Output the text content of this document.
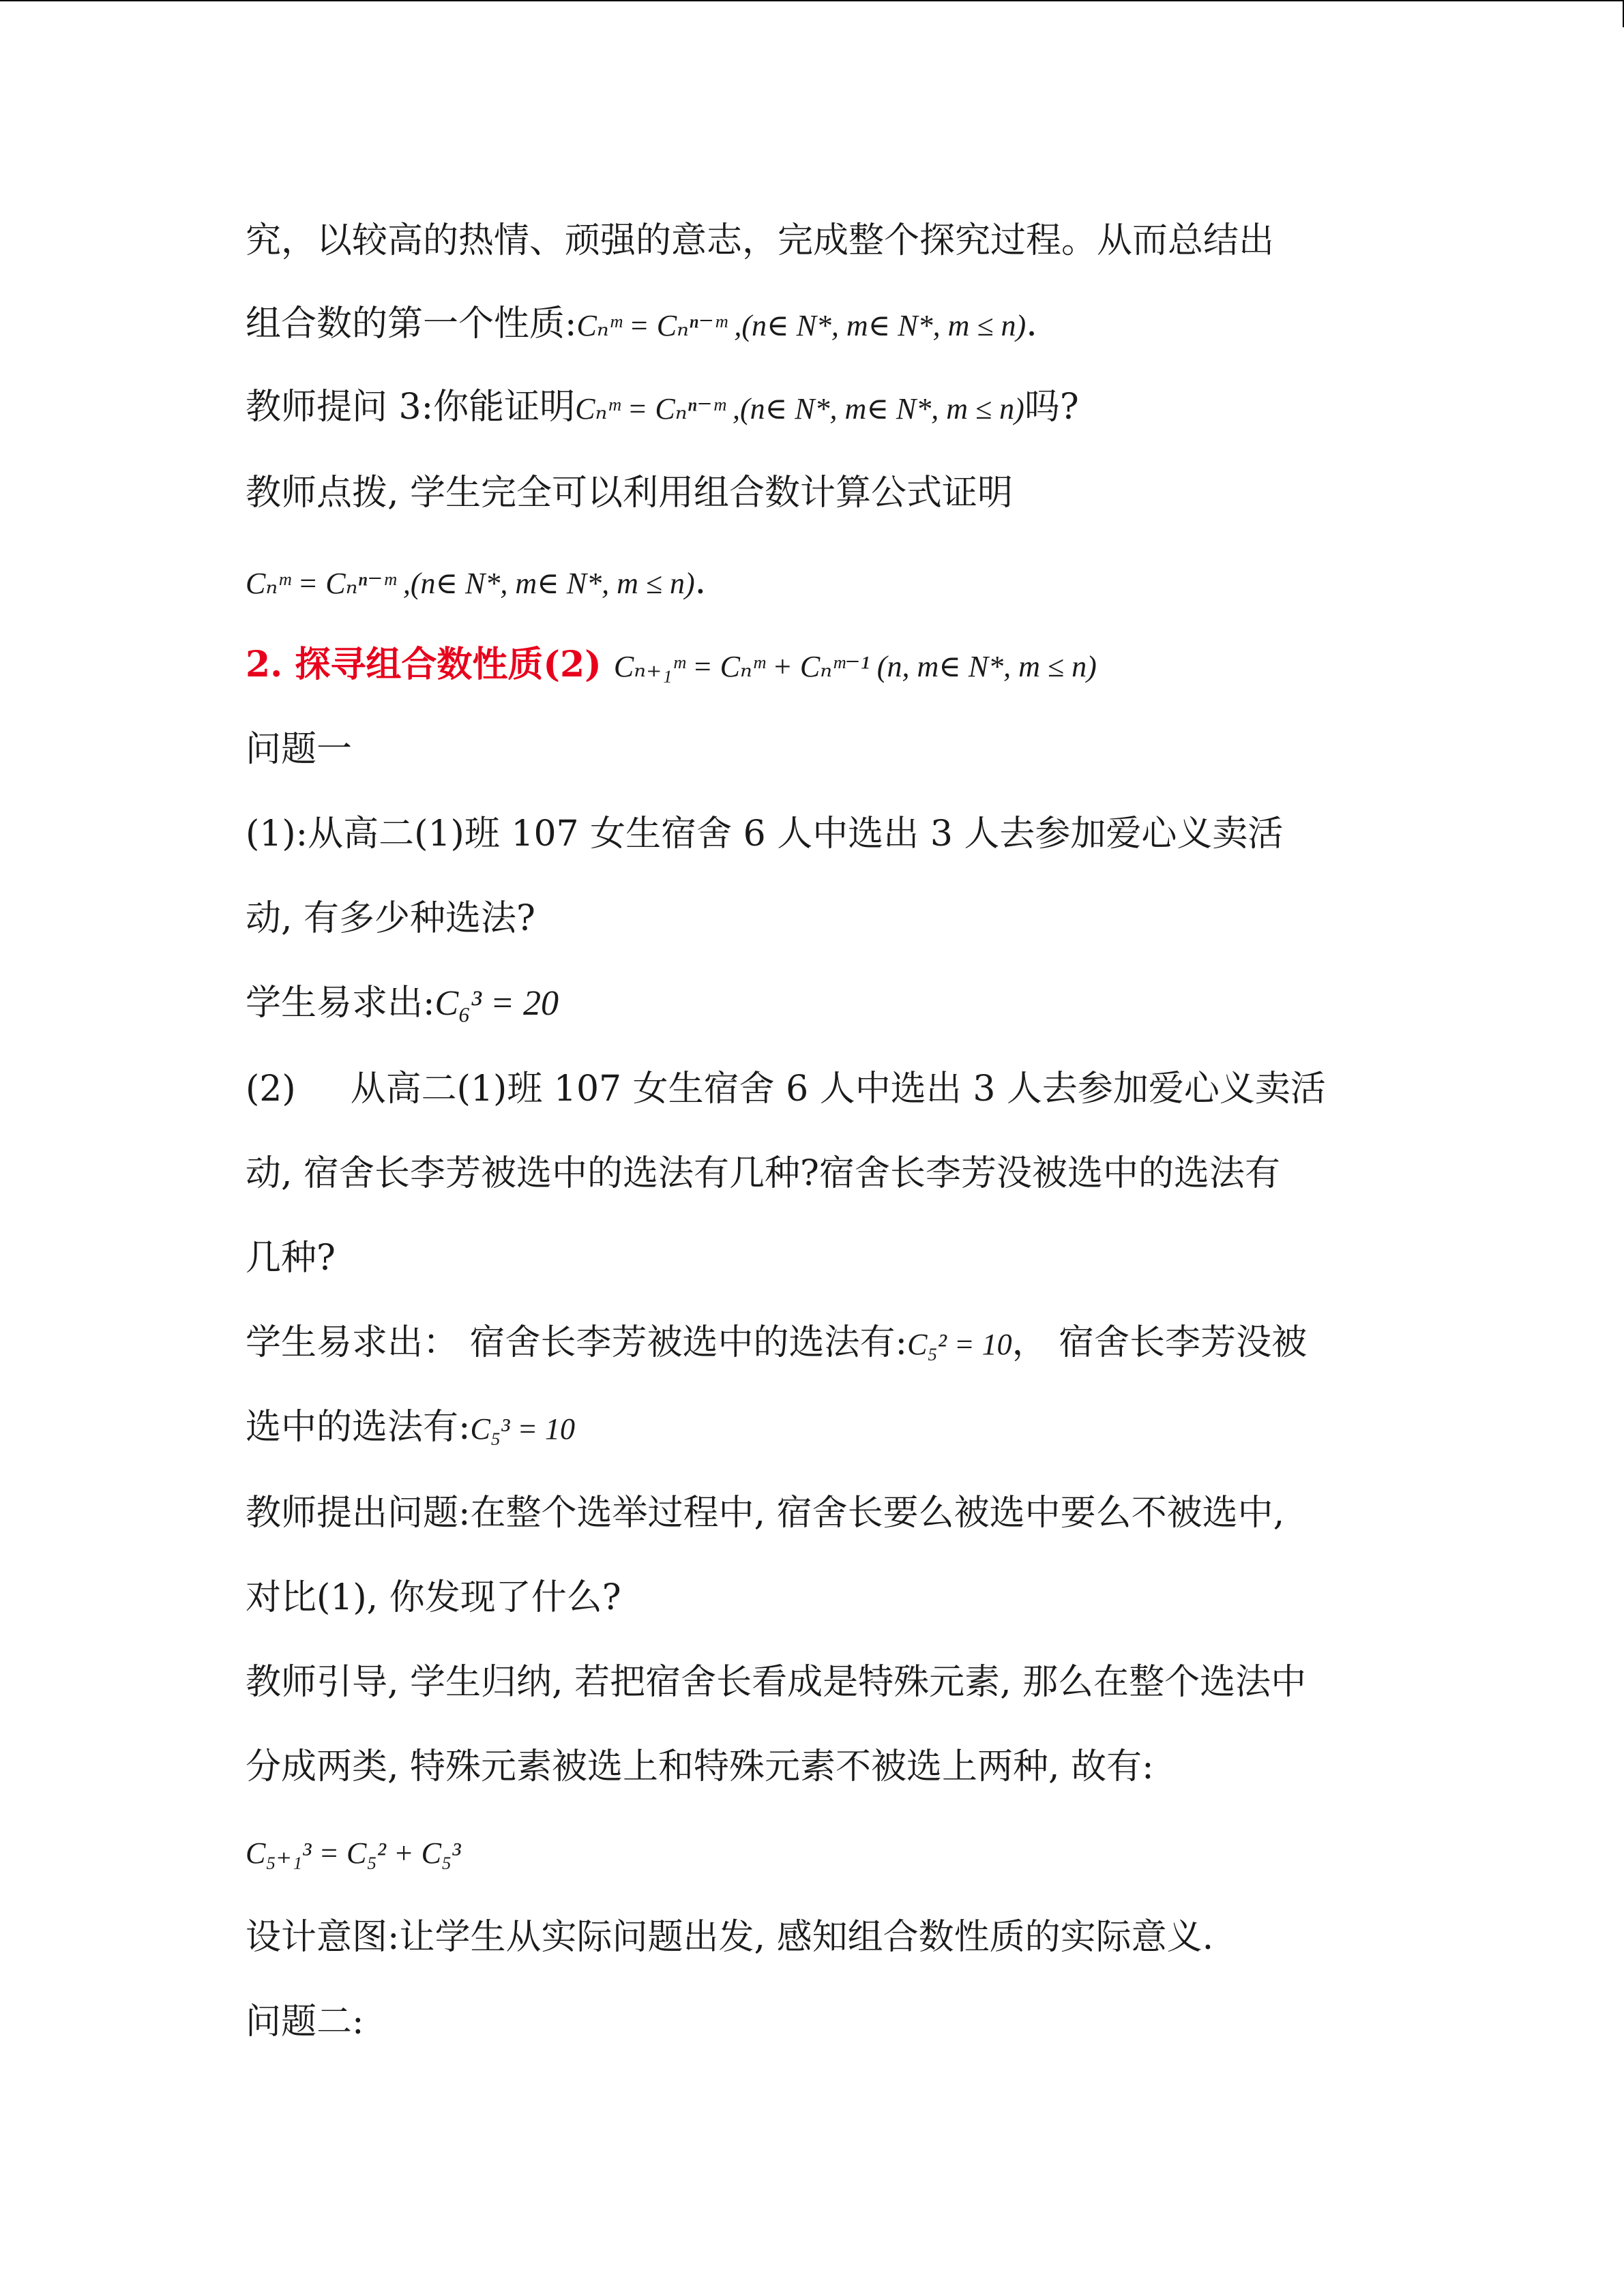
究，以较高的热情、顽强的意志，完成整个探究过程。从而总结出
组合数的第一个性质:Cₙᵐ = Cₙⁿ⁻ᵐ ,(n∈ N*, m∈ N*, m ≤ n).
教师提问 3:你能证明Cₙᵐ = Cₙⁿ⁻ᵐ ,(n∈ N*, m∈ N*, m ≤ n)吗?
教师点拨, 学生完全可以利用组合数计算公式证明
Cₙᵐ = Cₙⁿ⁻ᵐ ,(n∈ N*, m∈ N*, m ≤ n).
2. 探寻组合数性质(2) Cₙ₊₁ᵐ = Cₙᵐ + Cₙᵐ⁻¹ (n, m∈ N*, m ≤ n)
问题一
(1):从高二(1)班 107 女生宿舍 6 人中选出 3 人去参加爱心义卖活
动, 有多少种选法?
学生易求出:C₆³ = 20
(2) 从高二(1)班 107 女生宿舍 6 人中选出 3 人去参加爱心义卖活
动, 宿舍长李芳被选中的选法有几种?宿舍长李芳没被选中的选法有
几种?
学生易求出： 宿舍长李芳被选中的选法有:C₅² = 10， 宿舍长李芳没被
选中的选法有:C₅³ = 10
教师提出问题:在整个选举过程中, 宿舍长要么被选中要么不被选中,
对比(1), 你发现了什么?
教师引导, 学生归纳, 若把宿舍长看成是特殊元素, 那么在整个选法中
分成两类, 特殊元素被选上和特殊元素不被选上两种, 故有:
C₅₊₁³ = C₅² + C₅³
设计意图:让学生从实际问题出发, 感知组合数性质的实际意义.
问题二:
